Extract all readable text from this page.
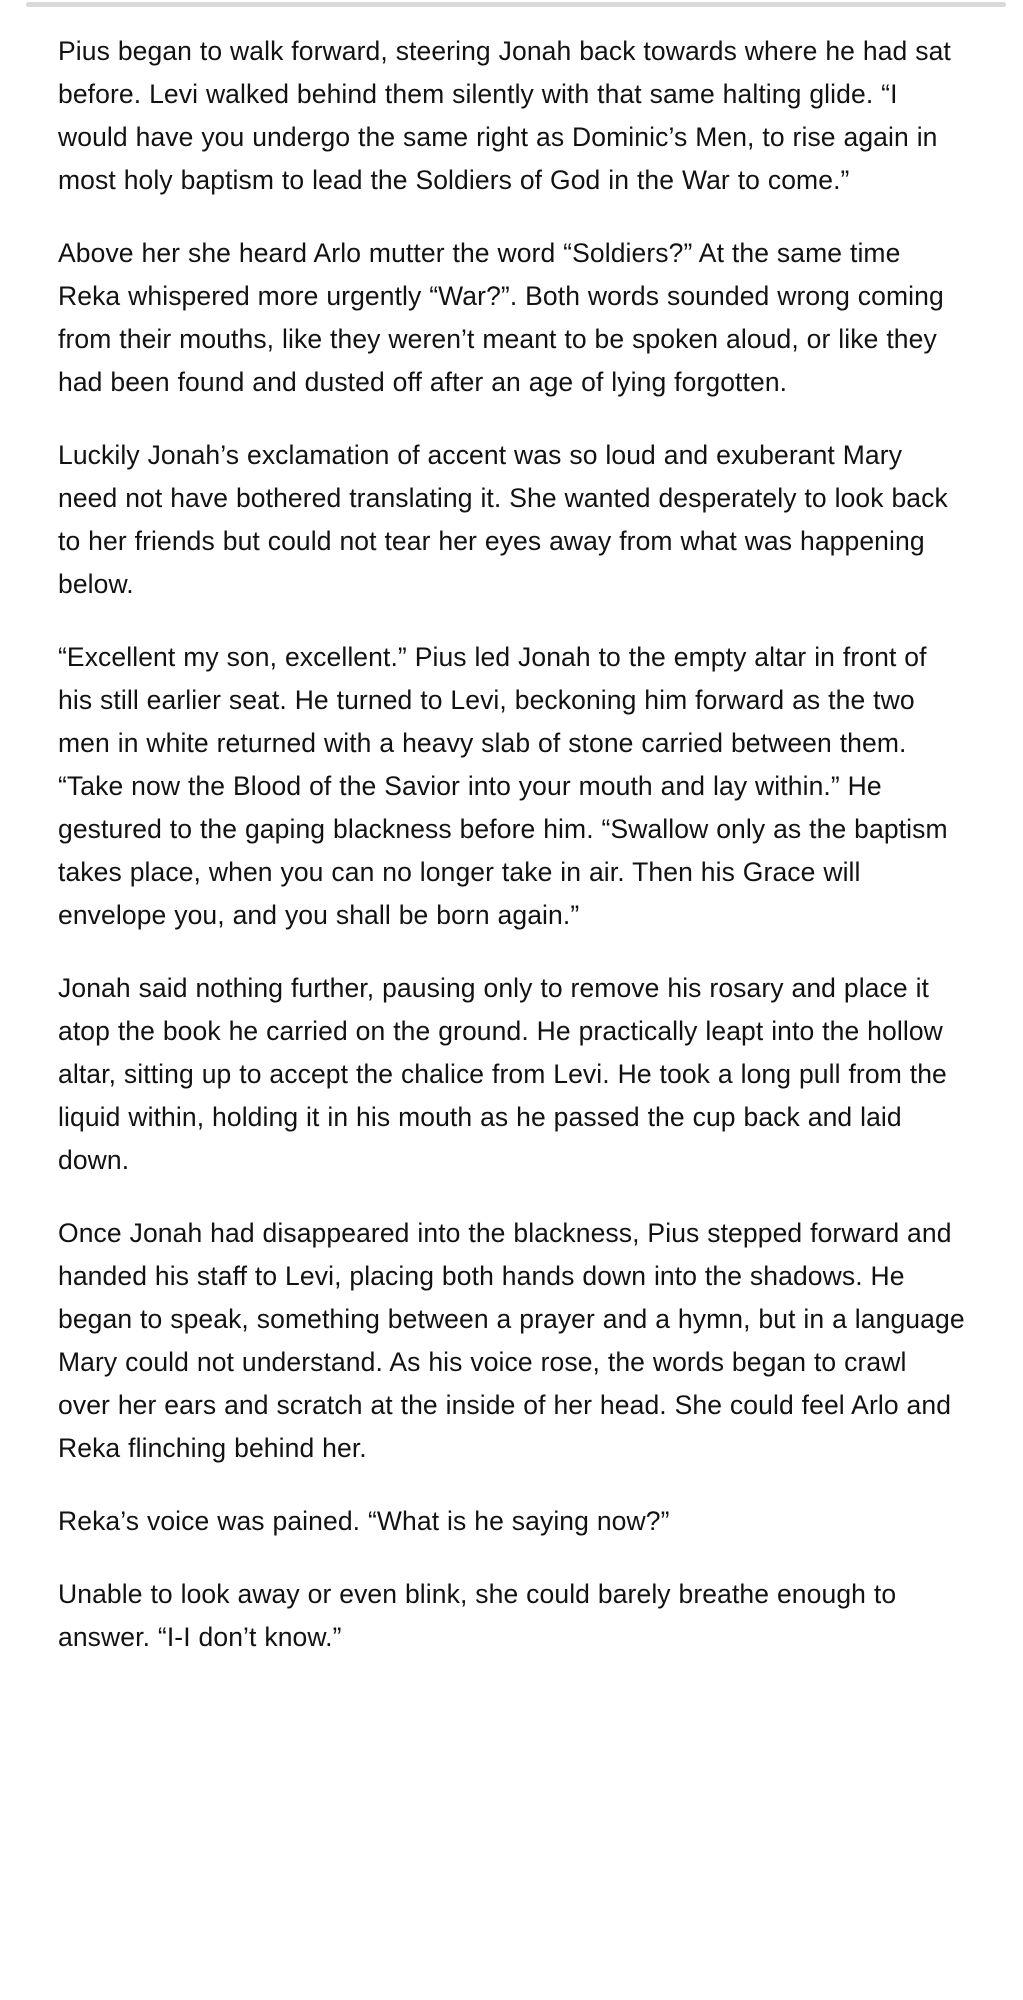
Pius began to walk forward, steering Jonah back towards where he had sat before. Levi walked behind them silently with that same halting glide. “I would have you undergo the same right as Dominic’s Men, to rise again in most holy baptism to lead the Soldiers of God in the War to come.”

Above her she heard Arlo mutter the word “Soldiers?” At the same time Reka whispered more urgently “War?”. Both words sounded wrong coming from their mouths, like they weren’t meant to be spoken aloud, or like they had been found and dusted off after an age of lying forgotten.

Luckily Jonah’s exclamation of accent was so loud and exuberant Mary need not have bothered translating it. She wanted desperately to look back to her friends but could not tear her eyes away from what was happening below.

“Excellent my son, excellent.” Pius led Jonah to the empty altar in front of his still earlier seat. He turned to Levi, beckoning him forward as the two men in white returned with a heavy slab of stone carried between them. “Take now the Blood of the Savior into your mouth and lay within.” He gestured to the gaping blackness before him. “Swallow only as the baptism takes place, when you can no longer take in air. Then his Grace will envelope you, and you shall be born again.”

Jonah said nothing further, pausing only to remove his rosary and place it atop the book he carried on the ground. He practically leapt into the hollow altar, sitting up to accept the chalice from Levi. He took a long pull from the liquid within, holding it in his mouth as he passed the cup back and laid down.

Once Jonah had disappeared into the blackness, Pius stepped forward and handed his staff to Levi, placing both hands down into the shadows. He began to speak, something between a prayer and a hymn, but in a language Mary could not understand. As his voice rose, the words began to crawl over her ears and scratch at the inside of her head. She could feel Arlo and Reka flinching behind her.

Reka’s voice was pained. “What is he saying now?”

Unable to look away or even blink, she could barely breathe enough to answer. “I-I don’t know.”
